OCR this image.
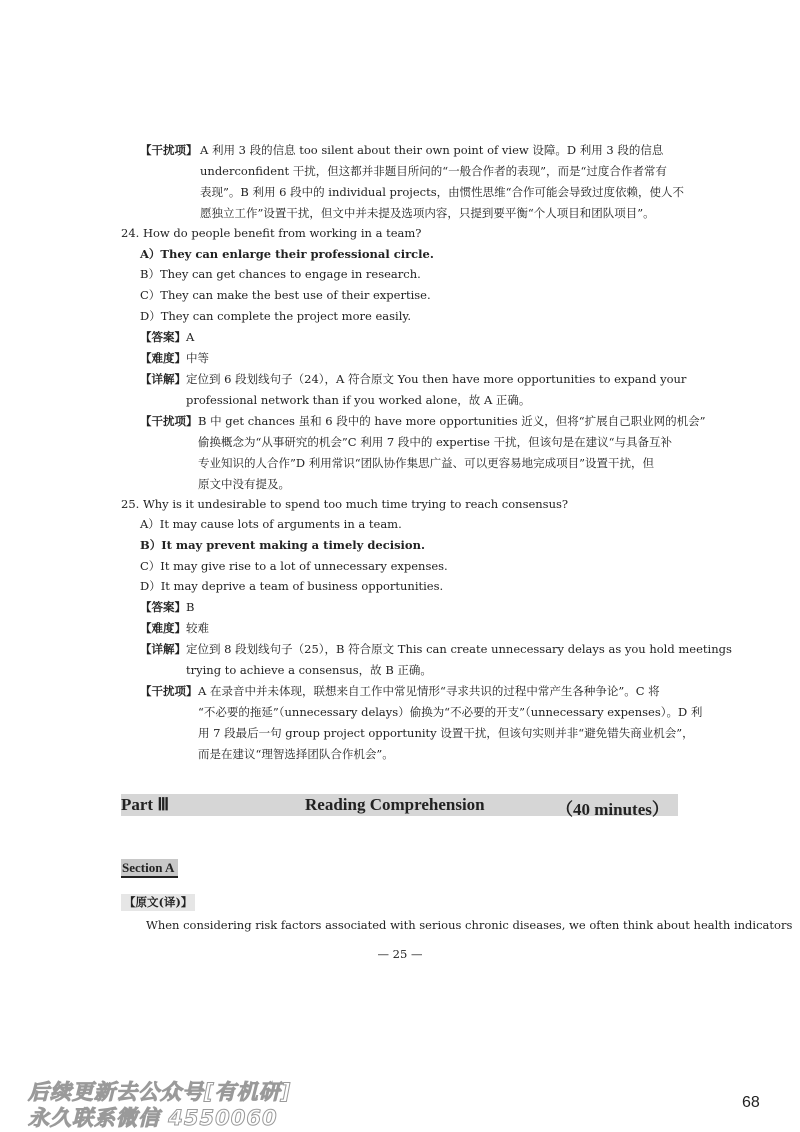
【干扰项】 A 利用 3 段的信息 too silent about their own point of view 设障。D 利用 3 段的信息
underconfident 干扰，但这都并非题目所问的“一般合作者的表现”，而是“过度合作者常有
表现”。B 利用 6 段中的 individual projects，由惯性思维“合作可能会导致过度依赖，使人不
愿独立工作”设置干扰，但文中并未提及选项内容，只提到要平衡“个人项目和团队项目”。
24. How do people benefit from working in a team?
A）They can enlarge their professional circle.
B）They can get chances to engage in research.
C）They can make the best use of their expertise.
D）They can complete the project more easily.
【答案】 A
【难度】 中等
【详解】 定位到 6 段划线句子（24），A 符合原文 You then have more opportunities to expand your
professional network than if you worked alone，故 A 正确。
【干扰项】 B 中 get chances 虽和 6 段中的 have more opportunities 近义，但将“扩展自己职业网的机会”
偷换概念为“从事研究的机会”C 利用 7 段中的 expertise 干扰，但该句是在建议“与具备互补
专业知识的人合作”D 利用常识“团队协作集思广益、可以更容易地完成项目”设置干扰，但
原文中没有提及。
25. Why is it undesirable to spend too much time trying to reach consensus?
A）It may cause lots of arguments in a team.
B）It may prevent making a timely decision.
C）It may give rise to a lot of unnecessary expenses.
D）It may deprive a team of business opportunities.
【答案】 B
【难度】 较难
【详解】 定位到 8 段划线句子（25），B 符合原文 This can create unnecessary delays as you hold meetings
trying to achieve a consensus，故 B 正确。
【干扰项】 A 在录音中并未体现，联想来自工作中常见情形“寻求共识的过程中常产生各种争论”。C 将
“不必要的拖延”（unnecessary delays）偷换为“不必要的开支”（unnecessary expenses）。D 利
用 7 段最后一句 group project opportunity 设置干扰，但该句实则并非“避免错失商业机会”，
而是在建议“理智选择团队合作机会”。
Part Ⅲ	Reading Comprehension	（40 minutes）
Section A
【原文(译)】
When considering risk factors associated with serious chronic diseases, we often think about health indicators
— 25 —
后续更新去公众号[有机研]
永久联系微信 4550060
68
